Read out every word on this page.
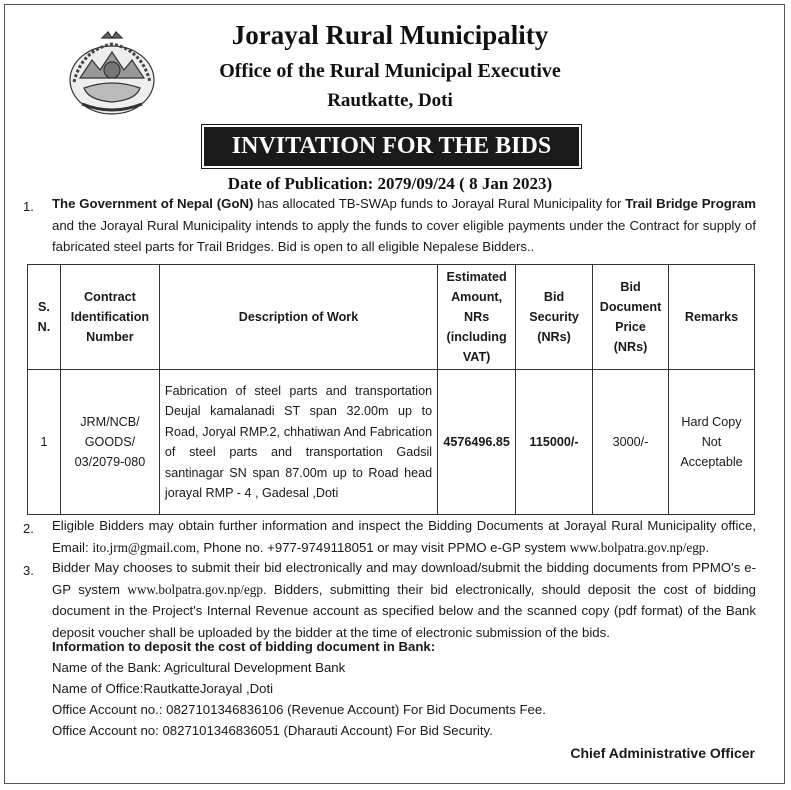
Jorayal Rural Municipality
Office of the Rural Municipal Executive
Rautkatte, Doti
INVITATION FOR THE BIDS
Date of Publication: 2079/09/24 ( 8 Jan 2023)
1. The Government of Nepal (GoN) has allocated TB-SWAp funds to Jorayal Rural Municipality for Trail Bridge Program and the Jorayal Rural Municipality intends to apply the funds to cover eligible payments under the Contract for supply of fabricated steel parts for Trail Bridges. Bid is open to all eligible Nepalese Bidders..
S. N.	Contract Identification Number	Description of Work	Estimated Amount, NRs (including VAT)	Bid Security (NRs)	Bid Document Price (NRs)	Remarks
1	JRM/NCB/ GOODS/ 03/2079-080	Fabrication of steel parts and transportation Deujal kamalanadi ST span 32.00m up to Road, Joryal RMP.2, chhatiwan And Fabrication of steel parts and transportation Gadsil santinagar SN span 87.00m up to Road head jorayal RMP - 4 , Gadesal ,Doti	4576496.85	115000/-	3000/-	Hard Copy Not Acceptable
2. Eligible Bidders may obtain further information and inspect the Bidding Documents at Jorayal Rural Municipality office, Email: ito.jrm@gmail.com, Phone no. +977-9749118051 or may visit PPMO e-GP system www.bolpatra.gov.np/egp.
3. Bidder May chooses to submit their bid electronically and may download/submit the bidding documents from PPMO's e-GP system www.bolpatra.gov.np/egp. Bidders, submitting their bid electronically, should deposit the cost of bidding document in the Project's Internal Revenue account as specified below and the scanned copy (pdf format) of the Bank deposit voucher shall be uploaded by the bidder at the time of electronic submission of the bids.
Information to deposit the cost of bidding document in Bank:
Name of the Bank: Agricultural Development Bank
Name of Office:RautkatteJorayal ,Doti
Office Account no.: 0827101346836106 (Revenue Account) For Bid Documents Fee.
Office Account no: 0827101346836051 (Dharauti Account) For Bid Security.
Chief Administrative Officer
